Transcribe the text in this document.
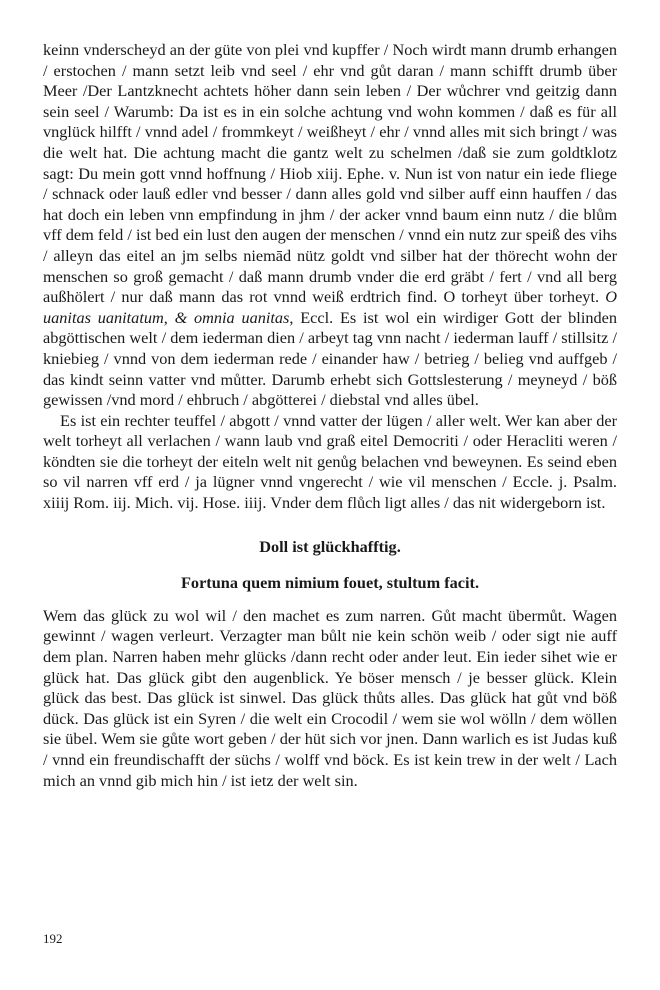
keinn vnderscheyd an der güte von plei vnd kupffer / Noch wirdt mann drumb erhangen / erstochen / mann setzt leib vnd seel / ehr vnd gůt daran / mann schifft drumb über Meer /Der Lantzknecht achtets höher dann sein leben / Der wůchrer vnd geitzig dann sein seel / Warumb: Da ist es in ein solche achtung vnd wohn kommen / daß es für all vnglück hilfft / vnnd adel / frommkeyt / weißheyt / ehr / vnnd alles mit sich bringt / was die welt hat. Die achtung macht die gantz welt zu schelmen /daß sie zum goldtklotz sagt: Du mein gott vnnd hoffnung / Hiob xiij. Ephe. v. Nun ist von natur ein iede fliege / schnack oder lauß edler vnd besser / dann alles gold vnd silber auff einn hauffen / das hat doch ein leben vnn empfindung in jhm / der acker vnnd baum einn nutz / die blům vff dem feld / ist bed ein lust den augen der menschen / vnnd ein nutz zur speiß des vihs / alleyn das eitel an jm selbs niemād nütz goldt vnd silber hat der thörecht wohn der menschen so groß gemacht / daß mann drumb vnder die erd gräbt / fert / vnd all berg außhölert / nur daß mann das rot vnnd weiß erdtrich find. O torheyt über torheyt. O uanitas uanitatum, & omnia uanitas, Eccl. Es ist wol ein wirdiger Gott der blinden abgöttischen welt / dem iederman dien / arbeyt tag vnn nacht / iederman lauff / stillsitz / kniebieg / vnnd von dem iederman rede / einander haw / betrieg / belieg vnd auffgeb / das kindt seinn vatter vnd můtter. Darumb erhebt sich Gottslesterung / meyneyd / böß gewissen /vnd mord / ehbruch / abgötterei / diebstal vnd alles übel.

Es ist ein rechter teuffel / abgott / vnnd vatter der lügen / aller welt. Wer kan aber der welt torheyt all verlachen / wann laub vnd graß eitel Democriti / oder Heracliti weren / köndten sie die torheyt der eiteln welt nit genůg belachen vnd beweynen. Es seind eben so vil narren vff erd / ja lügner vnnd vngerecht / wie vil menschen / Eccle. j. Psalm. xiiij Rom. iij. Mich. vij. Hose. iiij. Vnder dem flůch ligt alles / das nit widergeborn ist.

Doll ist glückhafftig.
Fortuna quem nimium fouet, stultum facit.

Wem das glück zu wol wil / den machet es zum narren. Gůt macht übermůt. Wagen gewinnt / wagen verleurt. Verzagter man bůlt nie kein schön weib / oder sigt nie auff dem plan. Narren haben mehr glücks /dann recht oder ander leut. Ein ieder sihet wie er glück hat. Das glück gibt den augenblick. Ye böser mensch / je besser glück. Klein glück das best. Das glück ist sinwel. Das glück thůts alles. Das glück hat gůt vnd böß dück. Das glück ist ein Syren / die welt ein Crocodil / wem sie wol wölln / dem wöllen sie übel. Wem sie gůte wort geben / der hüt sich vor jnen. Dann warlich es ist Judas kuß / vnnd ein freundischafft der süchs / wolff vnd böck. Es ist kein trew in der welt / Lach mich an vnnd gib mich hin / ist ietz der welt sin.

192
